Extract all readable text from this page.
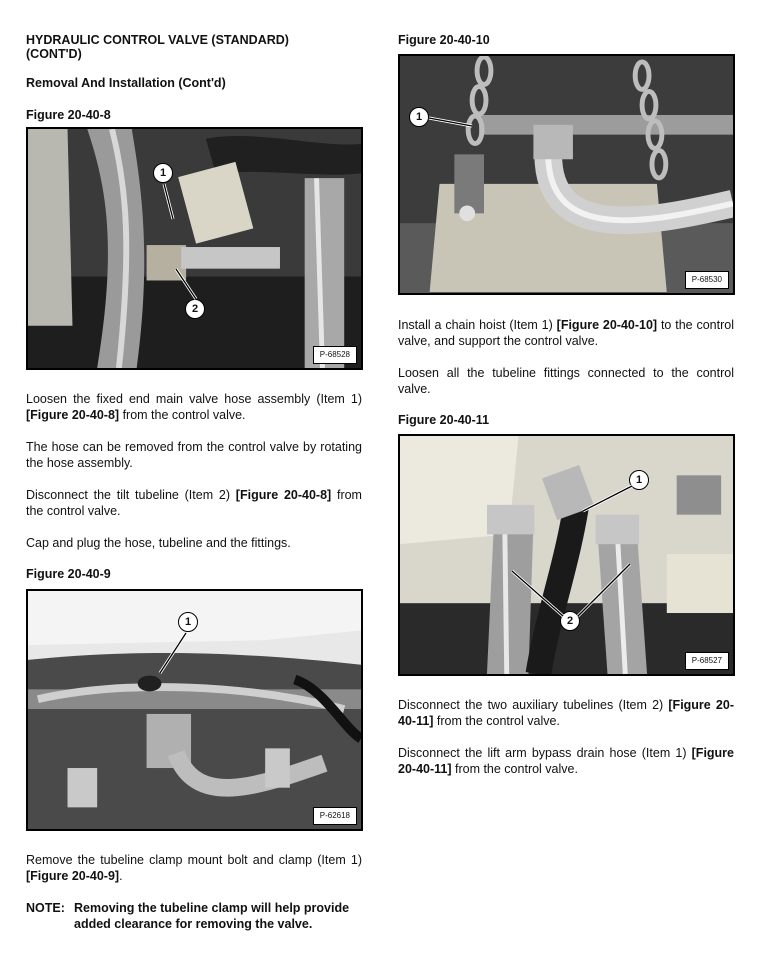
HYDRAULIC CONTROL VALVE (STANDARD) (CONT'D)
Removal And Installation (Cont'd)

Figure 20-40-8

1
2
P-68528

Loosen the fixed end main valve hose assembly (Item 1) [Figure 20-40-8] from the control valve.

The hose can be removed from the control valve by rotating the hose assembly.

Disconnect the tilt tubeline (Item 2) [Figure 20-40-8] from the control valve.

Cap and plug the hose, tubeline and the fittings.

Figure 20-40-9

1
P-62618

Remove the tubeline clamp mount bolt and clamp (Item 1) [Figure 20-40-9].

NOTE: Removing the tubeline clamp will help provide added clearance for removing the valve.

Figure 20-40-10

1
P-68530

Install a chain hoist (Item 1) [Figure 20-40-10] to the control valve, and support the control valve.

Loosen all the tubeline fittings connected to the control valve.

Figure 20-40-11

1
2
P-68527

Disconnect the two auxiliary tubelines (Item 2) [Figure 20-40-11] from the control valve.

Disconnect the lift arm bypass drain hose (Item 1) [Figure 20-40-11] from the control valve.
